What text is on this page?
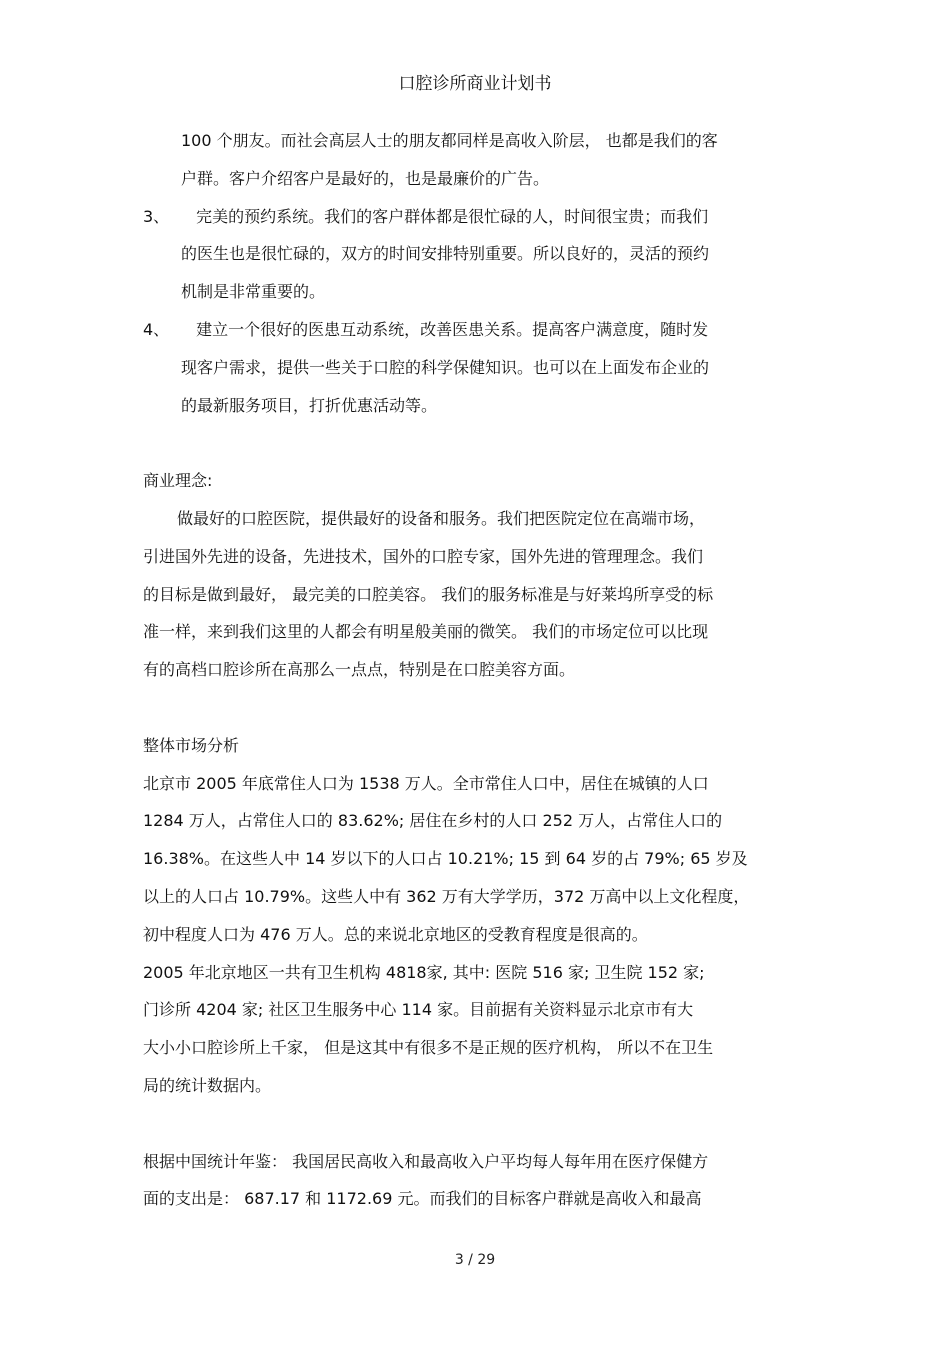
口腔诊所商业计划书
100 个朋友。而社会高层人士的朋友都同样是高收入阶层， 也都是我们的客
户群。客户介绍客户是最好的，也是最廉价的广告。
3、 完美的预约系统。我们的客户群体都是很忙碌的人，时间很宝贵；而我们
的医生也是很忙碌的，双方的时间安排特别重要。所以良好的，灵活的预约
机制是非常重要的。
4、 建立一个很好的医患互动系统，改善医患关系。提高客户满意度，随时发
现客户需求，提供一些关于口腔的科学保健知识。也可以在上面发布企业的
的最新服务项目，打折优惠活动等。
商业理念:
做最好的口腔医院，提供最好的设备和服务。我们把医院定位在高端市场，
引进国外先进的设备，先进技术，国外的口腔专家，国外先进的管理理念。我们
的目标是做到最好， 最完美的口腔美容。 我们的服务标准是与好莱坞所享受的标
准一样，来到我们这里的人都会有明星般美丽的微笑。 我们的市场定位可以比现
有的高档口腔诊所在高那么一点点，特别是在口腔美容方面。
整体市场分析
北京市 2005 年底常住人口为 1538 万人。全市常住人口中，居住在城镇的人口
1284 万人，占常住人口的 83.62%; 居住在乡村的人口 252 万人，占常住人口的
16.38%。在这些人中 14 岁以下的人口占 10.21%; 15 到 64 岁的占 79%; 65 岁及
以上的人口占 10.79%。这些人中有 362 万有大学学历，372 万高中以上文化程度，
初中程度人口为 476 万人。总的来说北京地区的受教育程度是很高的。
2005 年北京地区一共有卫生机构 4818家, 其中: 医院 516 家; 卫生院 152 家;
门诊所 4204 家; 社区卫生服务中心 114 家。目前据有关资料显示北京市有大
大小小口腔诊所上千家， 但是这其中有很多不是正规的医疗机构， 所以不在卫生
局的统计数据内。
根据中国统计年鉴： 我国居民高收入和最高收入户平均每人每年用在医疗保健方
面的支出是： 687.17 和 1172.69 元。而我们的目标客户群就是高收入和最高
3 / 29
